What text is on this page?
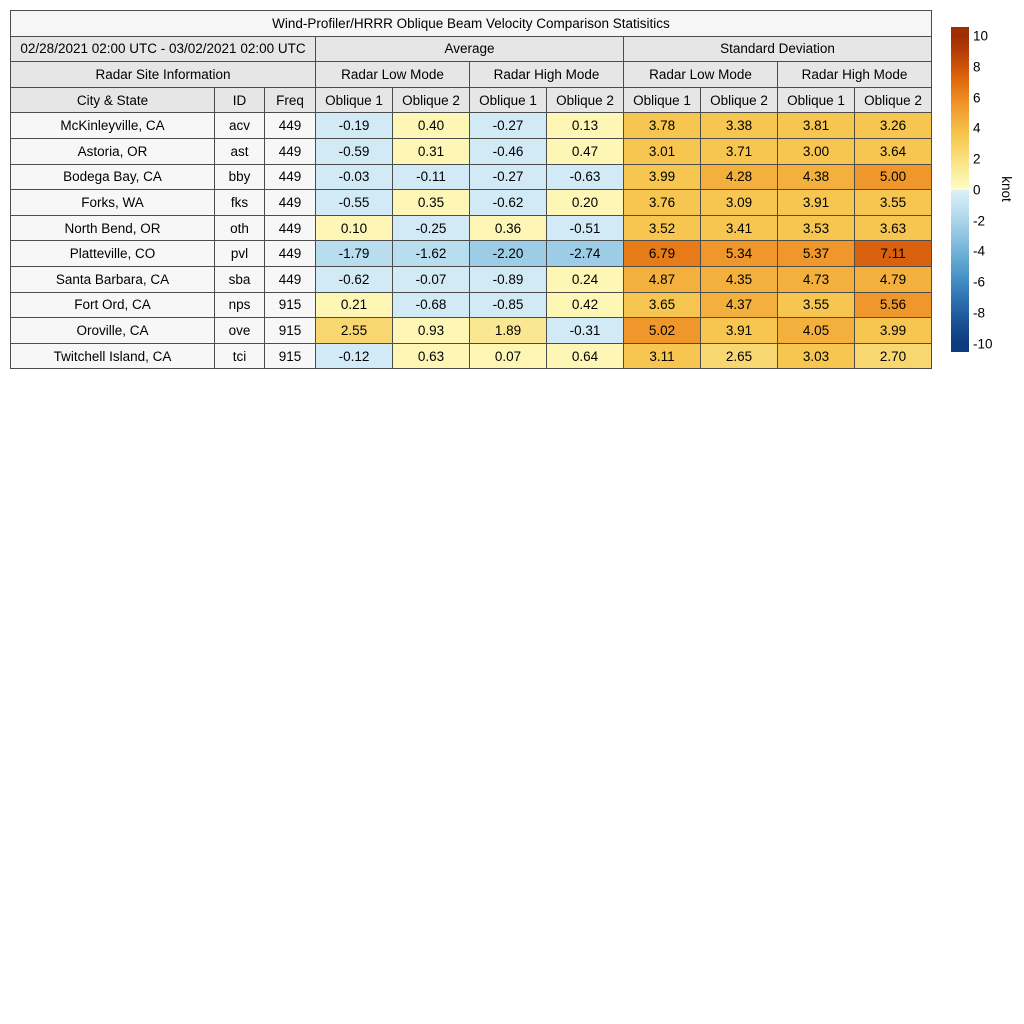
Wind-Profiler/HRRR Oblique Beam Velocity Comparison Statisitics										
02/28/2021 02:00 UTC - 03/02/2021 02:00 UTC			Average				Standard Deviation			
Radar Site Information			Radar Low Mode		Radar High Mode		Radar Low Mode		Radar High Mode	
City & State	ID	Freq	Oblique 1	Oblique 2	Oblique 1	Oblique 2	Oblique 1	Oblique 2	Oblique 1	Oblique 2
McKinleyville, CA	acv	449	-0.19	0.40	-0.27	0.13	3.78	3.38	3.81	3.26
Astoria, OR	ast	449	-0.59	0.31	-0.46	0.47	3.01	3.71	3.00	3.64
Bodega Bay, CA	bby	449	-0.03	-0.11	-0.27	-0.63	3.99	4.28	4.38	5.00
Forks, WA	fks	449	-0.55	0.35	-0.62	0.20	3.76	3.09	3.91	3.55
North Bend, OR	oth	449	0.10	-0.25	0.36	-0.51	3.52	3.41	3.53	3.63
Platteville, CO	pvl	449	-1.79	-1.62	-2.20	-2.74	6.79	5.34	5.37	7.11
Santa Barbara, CA	sba	449	-0.62	-0.07	-0.89	0.24	4.87	4.35	4.73	4.79
Fort Ord, CA	nps	915	0.21	-0.68	-0.85	0.42	3.65	4.37	3.55	5.56
Oroville, CA	ove	915	2.55	0.93	1.89	-0.31	5.02	3.91	4.05	3.99
Twitchell Island, CA	tci	915	-0.12	0.63	0.07	0.64	3.11	2.65	3.03	2.70
10
8
6
4
2
0
-2
-4
-6
-8
-10
knot
